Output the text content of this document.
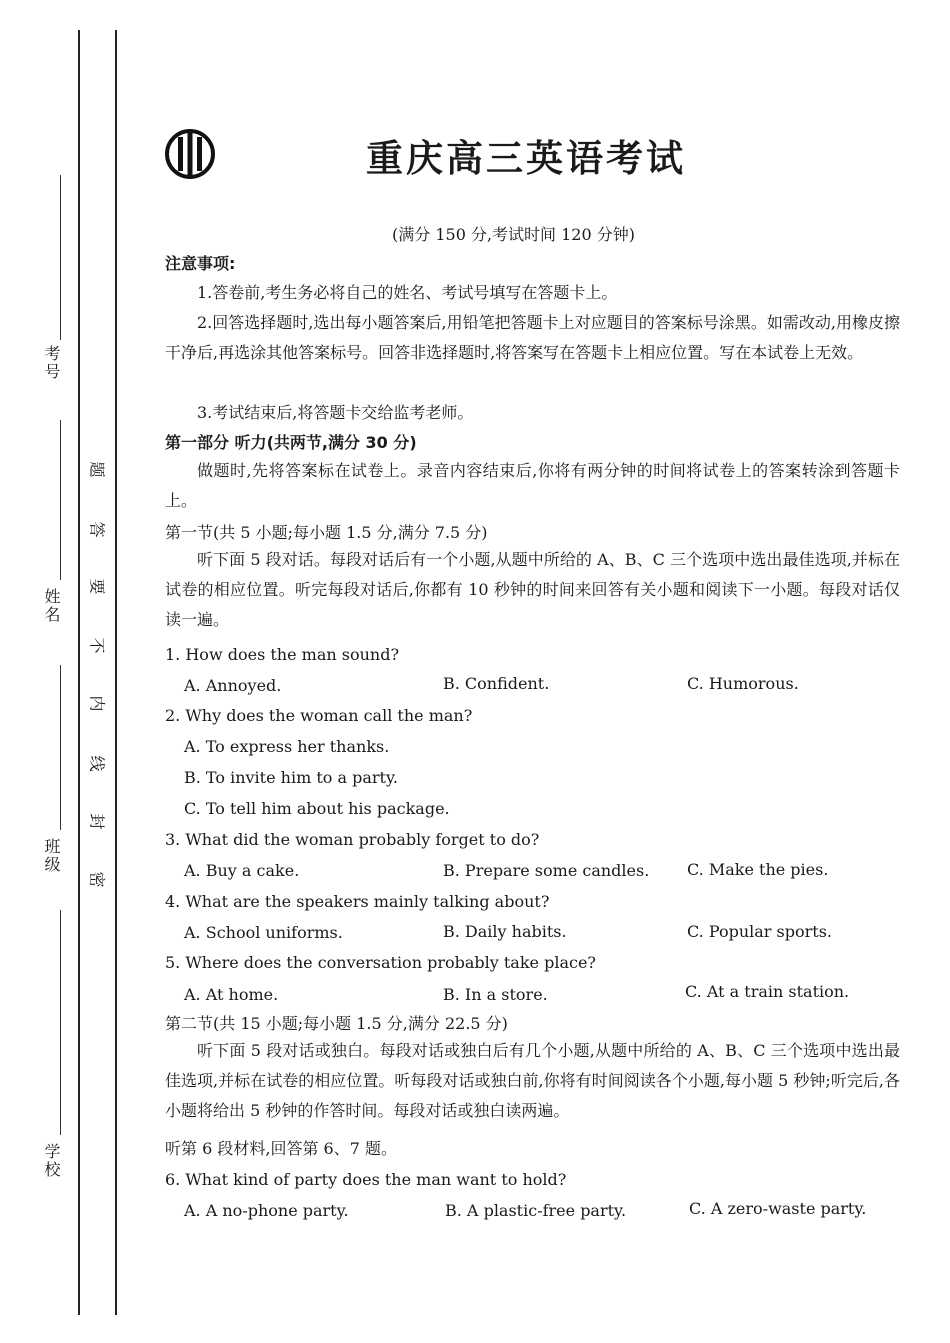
考号
姓名
班级
学校
题
答
要
不
内
线
封
密
重庆高三英语考试
(满分 150 分,考试时间 120 分钟)
注意事项:
1.答卷前,考生务必将自己的姓名、考试号填写在答题卡上。
2.回答选择题时,选出每小题答案后,用铅笔把答题卡上对应题目的答案标号涂黑。如需改动,用橡皮擦干净后,再选涂其他答案标号。回答非选择题时,将答案写在答题卡上相应位置。写在本试卷上无效。
3.考试结束后,将答题卡交给监考老师。
第一部分 听力(共两节,满分 30 分)
做题时,先将答案标在试卷上。录音内容结束后,你将有两分钟的时间将试卷上的答案转涂到答题卡上。
第一节(共 5 小题;每小题 1.5 分,满分 7.5 分)
听下面 5 段对话。每段对话后有一个小题,从题中所给的 A、B、C 三个选项中选出最佳选项,并标在试卷的相应位置。听完每段对话后,你都有 10 秒钟的时间来回答有关小题和阅读下一小题。每段对话仅读一遍。
1. How does the man sound?
A. Annoyed.	B. Confident.	C. Humorous.
2. Why does the woman call the man?
A. To express her thanks.
B. To invite him to a party.
C. To tell him about his package.
3. What did the woman probably forget to do?
A. Buy a cake.	B. Prepare some candles. C. Make the pies.
4. What are the speakers mainly talking about?
A. School uniforms.	B. Daily habits.	C. Popular sports.
5. Where does the conversation probably take place?
A. At home.	B. In a store.	C. At a train station.
第二节(共 15 小题;每小题 1.5 分,满分 22.5 分)
听下面 5 段对话或独白。每段对话或独白后有几个小题,从题中所给的 A、B、C 三个选项中选出最佳选项,并标在试卷的相应位置。听每段对话或独白前,你将有时间阅读各个小题,每小题 5 秒钟;听完后,各小题将给出 5 秒钟的作答时间。每段对话或独白读两遍。
听第 6 段材料,回答第 6、7 题。
6. What kind of party does the man want to hold?
A. A no-phone party.	B. A plastic-free party.	C. A zero-waste party.
